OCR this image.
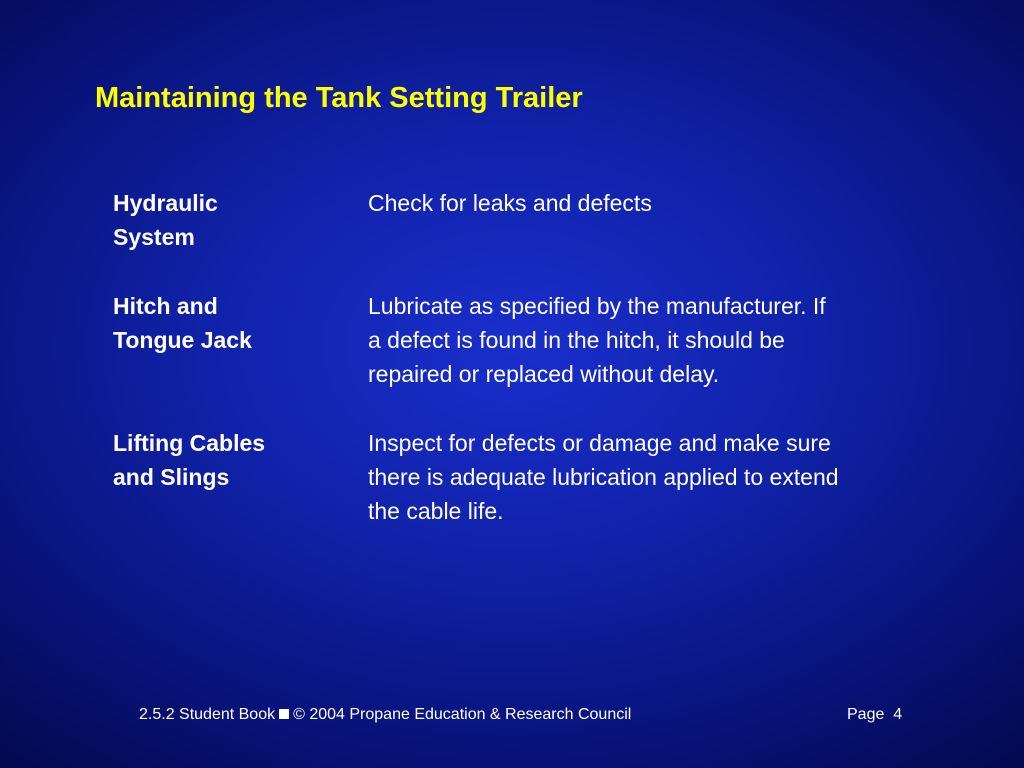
Maintaining the Tank Setting Trailer
Hydraulic
System
Check for leaks and defects
Hitch and
Tongue Jack
Lubricate as specified by the manufacturer. If
a defect is found in the hitch, it should be
repaired or replaced without delay.
Lifting Cables
and Slings
Inspect for defects or damage and make sure
there is adequate lubrication applied to extend
the cable life.
2.5.2 Student Book © 2004 Propane Education & Research Council	Page  4
